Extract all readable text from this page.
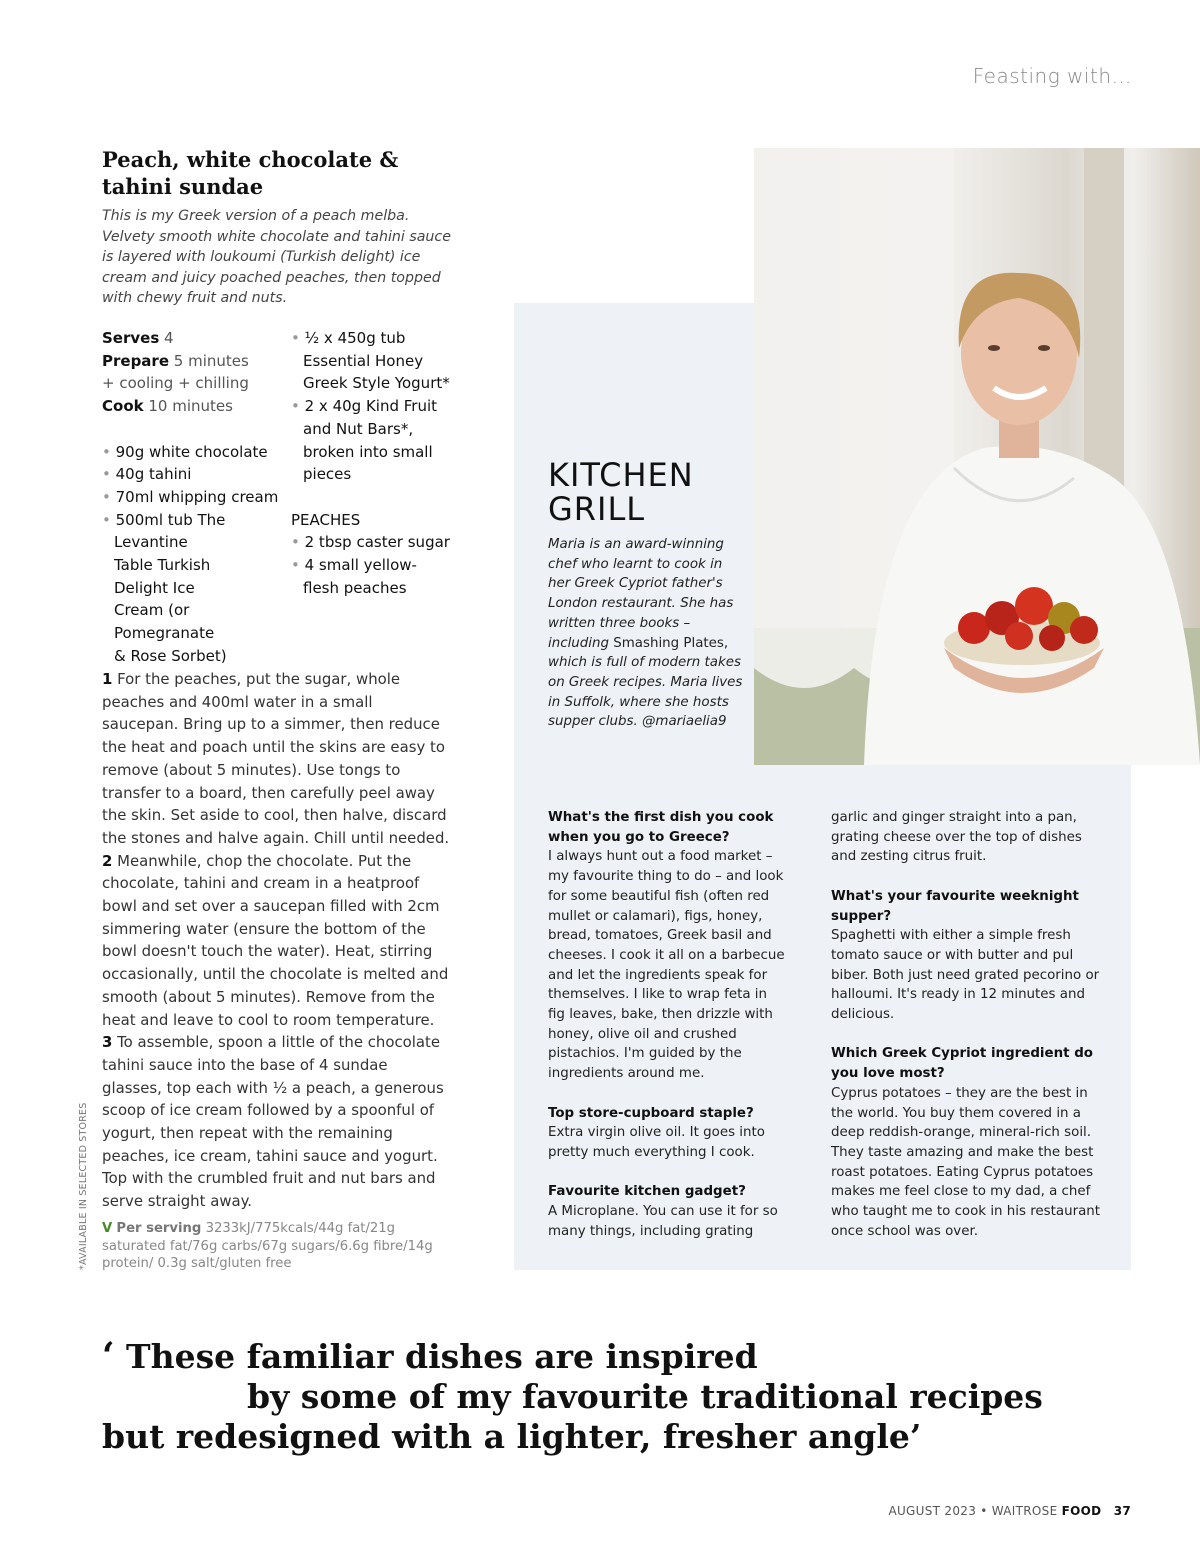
Feasting with…
Peach, white chocolate & tahini sundae

This is my Greek version of a peach melba. Velvety smooth white chocolate and tahini sauce is layered with loukoumi (Turkish delight) ice cream and juicy poached peaches, then topped with chewy fruit and nuts.

Serves 4
Prepare 5 minutes
+ cooling + chilling
Cook 10 minutes
• 90g white chocolate
• 40g tahini
• 70ml whipping cream
• 500ml tub The Levantine Table Turkish Delight Ice Cream (or Pomegranate & Rose Sorbet)
• ½ x 450g tub Essential Honey Greek Style Yogurt*
• 2 x 40g Kind Fruit and Nut Bars*, broken into small pieces
PEACHES
• 2 tbsp caster sugar
• 4 small yellow-flesh peaches

1 For the peaches, put the sugar, whole peaches and 400ml water in a small saucepan. Bring up to a simmer, then reduce the heat and poach until the skins are easy to remove (about 5 minutes). Use tongs to transfer to a board, then carefully peel away the skin. Set aside to cool, then halve, discard the stones and halve again. Chill until needed.

2 Meanwhile, chop the chocolate. Put the chocolate, tahini and cream in a heatproof bowl and set over a saucepan filled with 2cm simmering water (ensure the bottom of the bowl doesn't touch the water). Heat, stirring occasionally, until the chocolate is melted and smooth (about 5 minutes). Remove from the heat and leave to cool to room temperature.

3 To assemble, spoon a little of the chocolate tahini sauce into the base of 4 sundae glasses, top each with ½ a peach, a generous scoop of ice cream followed by a spoonful of yogurt, then repeat with the remaining peaches, ice cream, tahini sauce and yogurt. Top with the crumbled fruit and nut bars and serve straight away.

V Per serving 3233kJ/775kcals/44g fat/21g saturated fat/76g carbs/67g sugars/6.6g fibre/14g protein/ 0.3g salt/gluten free
*AVAILABLE IN SELECTED STORES
KITCHEN
GRILL

Maria is an award-winning chef who learnt to cook in her Greek Cypriot father's London restaurant. She has written three books – including Smashing Plates, which is full of modern takes on Greek recipes. Maria lives in Suffolk, where she hosts supper clubs. @mariaelia9

What's the first dish you cook when you go to Greece?

I always hunt out a food market – my favourite thing to do – and look for some beautiful fish (often red mullet or calamari), figs, honey, bread, tomatoes, Greek basil and cheeses. I cook it all on a barbecue and let the ingredients speak for themselves. I like to wrap feta in fig leaves, bake, then drizzle with honey, olive oil and crushed pistachios. I'm guided by the ingredients around me.

Top store-cupboard staple?

Extra virgin olive oil. It goes into pretty much everything I cook.

Favourite kitchen gadget?

A Microplane. You can use it for so many things, including grating

garlic and ginger straight into a pan, grating cheese over the top of dishes and zesting citrus fruit.

What's your favourite weeknight supper?

Spaghetti with either a simple fresh tomato sauce or with butter and pul biber. Both just need grated pecorino or halloumi. It's ready in 12 minutes and delicious.

Which Greek Cypriot ingredient do you love most?

Cyprus potatoes – they are the best in the world. You buy them covered in a deep reddish-orange, mineral-rich soil. They taste amazing and make the best roast potatoes. Eating Cyprus potatoes makes me feel close to my dad, a chef who taught me to cook in his restaurant once school was over.

‘ These familiar dishes are inspired
by some of my favourite traditional recipes
but redesigned with a lighter, fresher angle’
AUGUST 2023 • WAITROSE FOOD 37
